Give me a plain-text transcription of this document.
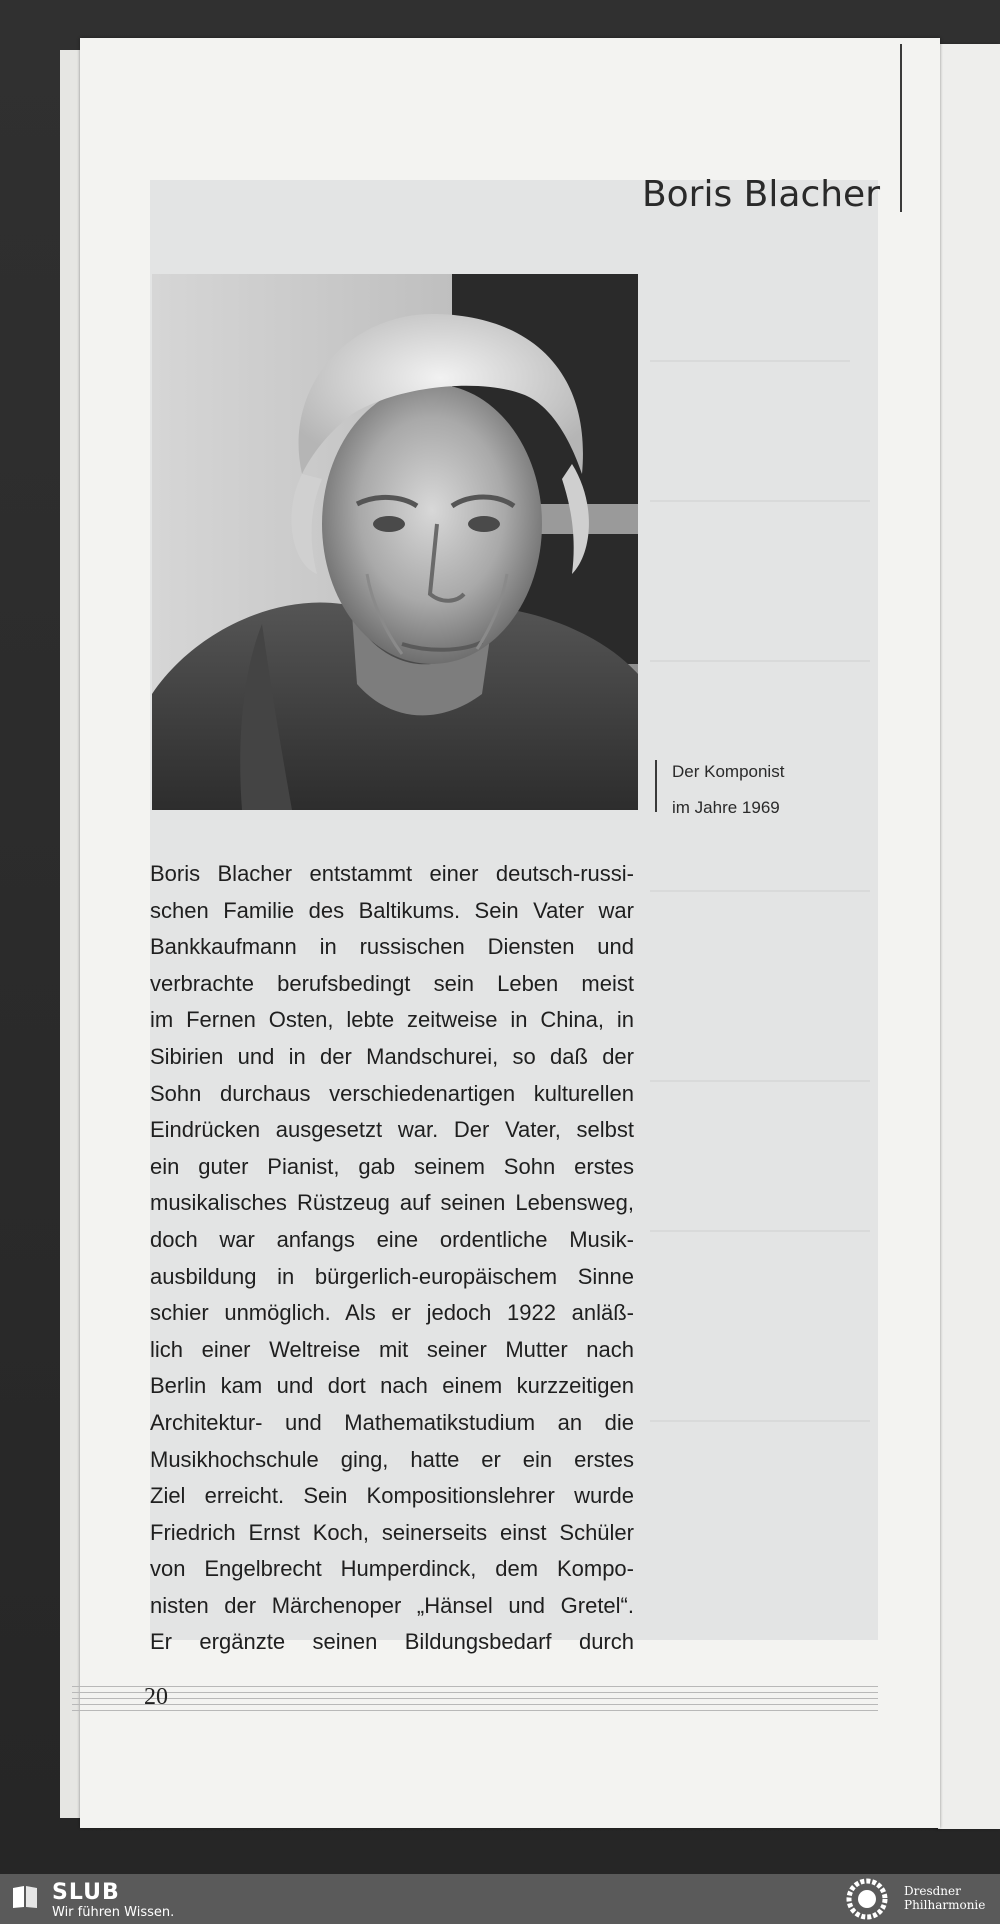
Boris Blacher
Der Komponist
im Jahre 1969
Boris Blacher entstammt einer deutsch-russi-
schen Familie des Baltikums. Sein Vater war
Bankkaufmann in russischen Diensten und
verbrachte berufsbedingt sein Leben meist
im Fernen Osten, lebte zeitweise in China, in
Sibirien und in der Mandschurei, so daß der
Sohn durchaus verschiedenartigen kulturellen
Eindrücken ausgesetzt war. Der Vater, selbst
ein guter Pianist, gab seinem Sohn erstes
musikalisches Rüstzeug auf seinen Lebensweg,
doch war anfangs eine ordentliche Musik-
ausbildung in bürgerlich-europäischem Sinne
schier unmöglich. Als er jedoch 1922 anläß-
lich einer Weltreise mit seiner Mutter nach
Berlin kam und dort nach einem kurzzeitigen
Architektur- und Mathematikstudium an die
Musikhochschule ging, hatte er ein erstes
Ziel erreicht. Sein Kompositionslehrer wurde
Friedrich Ernst Koch, seinerseits einst Schüler
von Engelbrecht Humperdinck, dem Kompo-
nisten der Märchenoper „Hänsel und Gretel“.
Er ergänzte seinen Bildungsbedarf durch
20
SLUB
Wir führen Wissen.
Dresdner
Philharmonie
